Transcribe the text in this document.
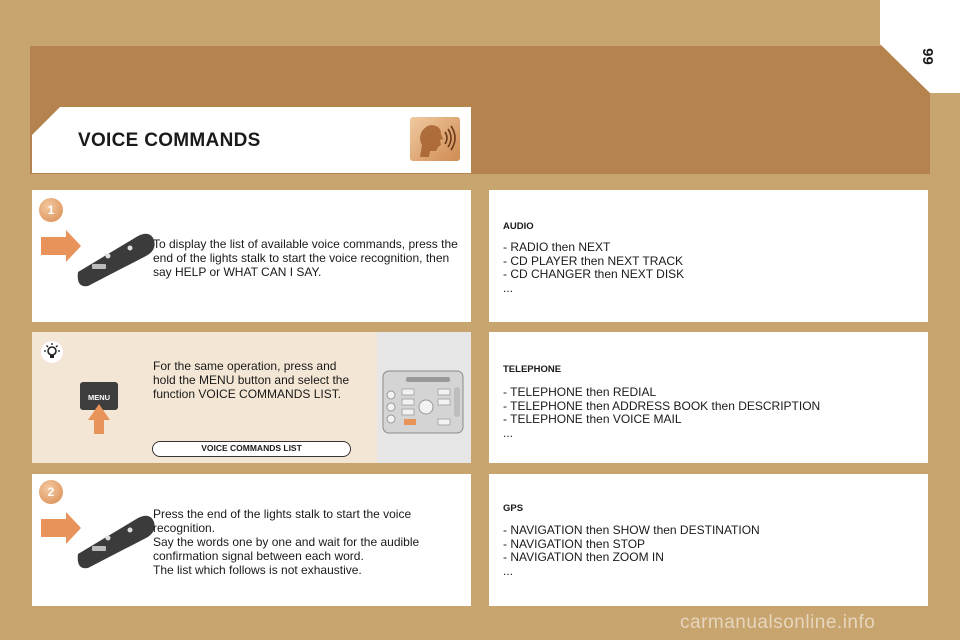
99
VOICE COMMANDS
1
To display the list of available voice commands, press the end of the lights stalk to start the voice recognition, then say HELP or WHAT CAN I SAY.
MENU
For the same operation, press and hold the MENU button and select the function VOICE COMMANDS LIST.
VOICE COMMANDS LIST
2
Press the end of the lights stalk to start the voice recognition.
Say the words one by one and wait for the audible confirmation signal between each word.
The list which follows is not exhaustive.
AUDIO
- RADIO then NEXT
- CD PLAYER then NEXT TRACK
- CD CHANGER then NEXT DISK
...
TELEPHONE
- TELEPHONE then REDIAL
- TELEPHONE then ADDRESS BOOK then DESCRIPTION
- TELEPHONE then VOICE MAIL
...
GPS
- NAVIGATION then SHOW then DESTINATION
- NAVIGATION then STOP
- NAVIGATION then ZOOM IN
...
carmanualsonline.info
